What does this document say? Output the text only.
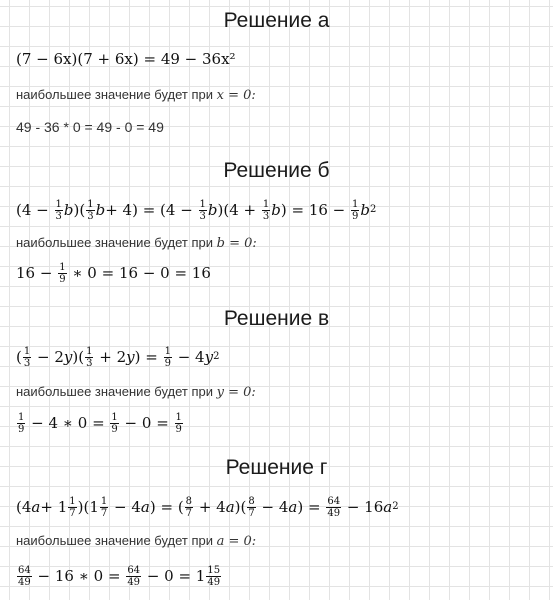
Решение а
(7 − 6x)(7 + 6x) = 49 − 36x²
наибольшее значение будет при x = 0:
49 - 36 * 0 = 49 - 0 = 49
Решение б
($4 - \frac{1}{3}$ b )( $\frac{1}{3}$ $b + 4) = (4 - \frac{1}{3}$ b )($4 + \frac{1}{3}$ b ) = $16 - \frac{1}{9}$ b 2
наибольшее значение будет при b = 0:
$16 - \frac{1}{9}$ ∗ 0 = 16 − 0 = 16
Решение в
( $\frac{1}{3} - 2$ y )( $\frac{1}{3} + 2$ y ) = $\frac{1}{9} - 4$ y 2
наибольшее значение будет при y = 0:
$\frac{1}{9} - 4$ ∗ $0 = \frac{1}{9} - 0 = \frac{1}{9}$
Решение г
(4 $a + 1 \frac{1}{7} )(1 \frac{1}{7} - 4$ a ) = ( $\frac{8}{7} + 4$ a )( $\frac{8}{7} - 4$ a ) = $\frac{64}{49} - 16$ a 2
наибольшее значение будет при a = 0:
$\frac{64}{49} - 16$ ∗ $0 = \frac{64}{49} - 0 = 1 \frac{15}{49}$
